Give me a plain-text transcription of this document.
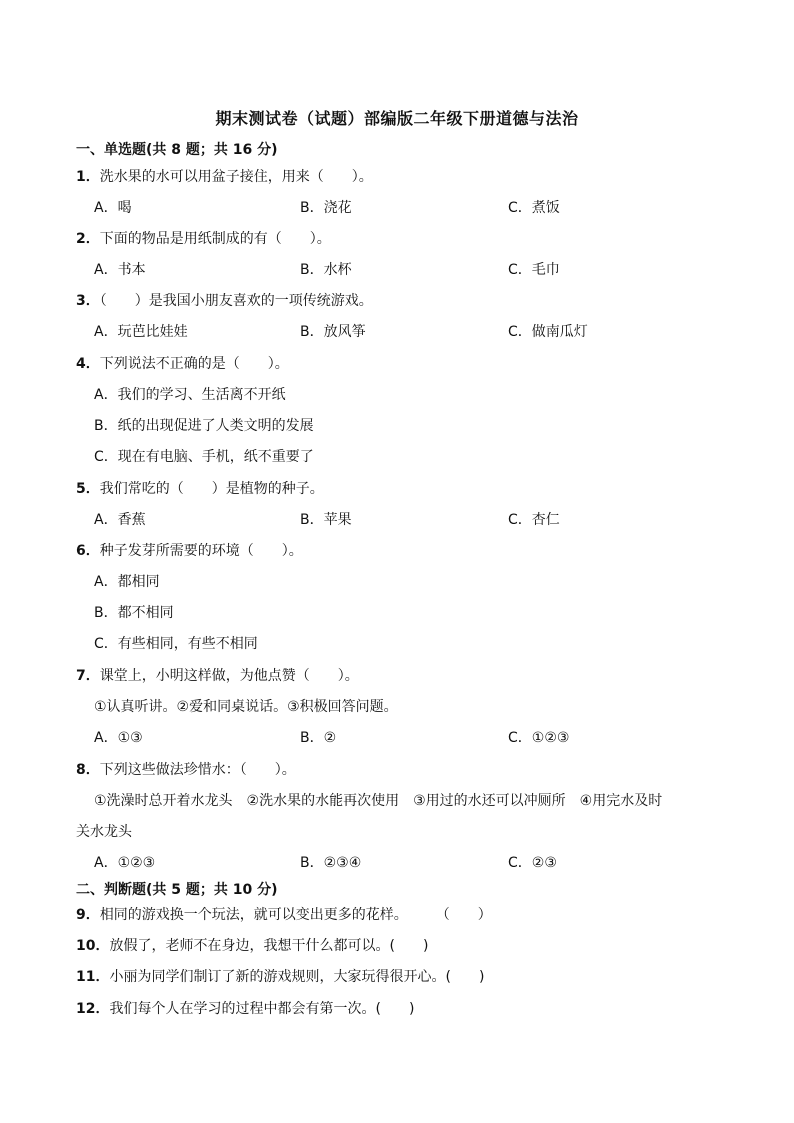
期末测试卷（试题）部编版二年级下册道德与法治
一、单选题(共 8 题；共 16 分)
1．洗水果的水可以用盆子接住，用来（　　）。
A．喝	B．浇花	C．煮饭
2．下面的物品是用纸制成的有（　　）。
A．书本	B．水杯	C．毛巾
3．（　　）是我国小朋友喜欢的一项传统游戏。
A．玩芭比娃娃	B．放风筝	C．做南瓜灯
4．下列说法不正确的是（　　）。
A．我们的学习、生活离不开纸
B．纸的出现促进了人类文明的发展
C．现在有电脑、手机，纸不重要了
5．我们常吃的（　　）是植物的种子。
A．香蕉	B．苹果	C．杏仁
6．种子发芽所需要的环境（　　）。
A．都相同
B．都不相同
C．有些相同，有些不相同
7．课堂上，小明这样做，为他点赞（　　）。
①认真听讲。②爱和同桌说话。③积极回答问题。
A．①③	B．②	C．①②③
8．下列这些做法珍惜水：（　　）。
①洗澡时总开着水龙头　②洗水果的水能再次使用　③用过的水还可以冲厕所　④用完水及时
关水龙头
A．①②③	B．②③④	C．②③
二、判断题(共 5 题；共 10 分)
9．相同的游戏换一个玩法，就可以变出更多的花样。　　　（　　）
10．放假了，老师不在身边，我想干什么都可以。(　　)
11．小丽为同学们制订了新的游戏规则，大家玩得很开心。(　　)
12．我们每个人在学习的过程中都会有第一次。(　　)
